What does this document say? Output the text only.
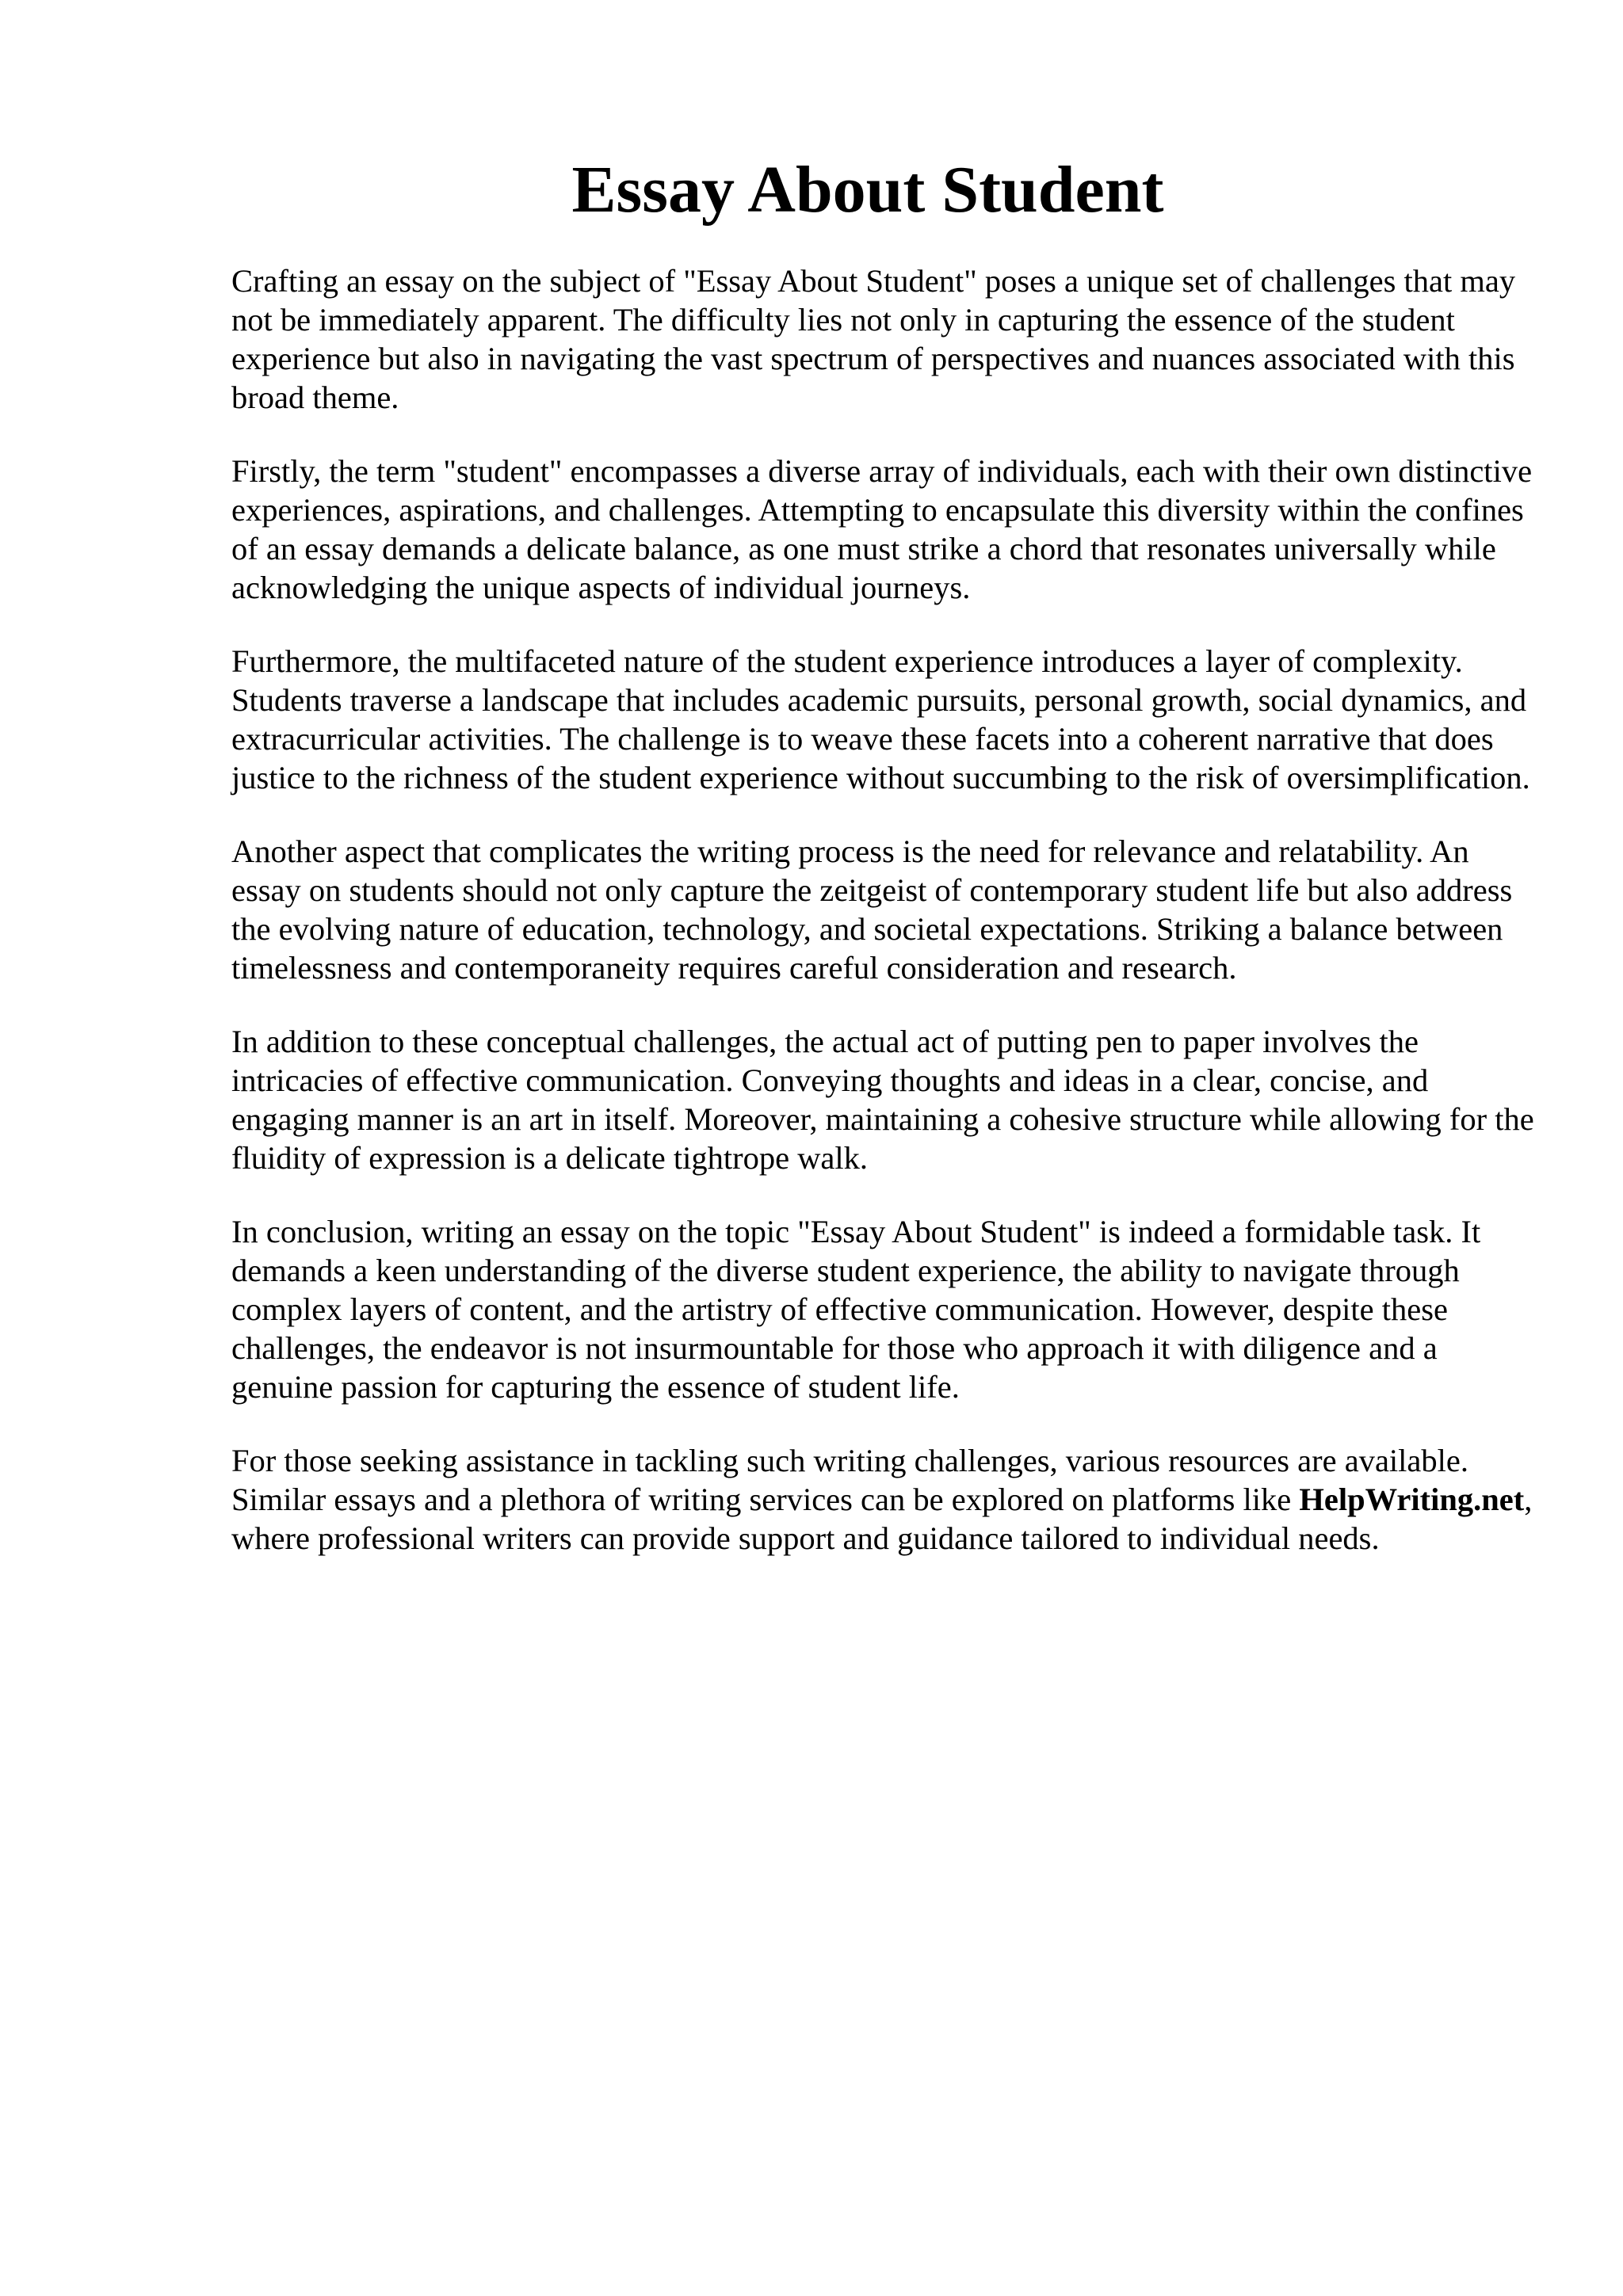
Essay About Student

Crafting an essay on the subject of "Essay About Student" poses a unique set of challenges that may not be immediately apparent. The difficulty lies not only in capturing the essence of the student experience but also in navigating the vast spectrum of perspectives and nuances associated with this broad theme.

Firstly, the term "student" encompasses a diverse array of individuals, each with their own distinctive experiences, aspirations, and challenges. Attempting to encapsulate this diversity within the confines of an essay demands a delicate balance, as one must strike a chord that resonates universally while acknowledging the unique aspects of individual journeys.

Furthermore, the multifaceted nature of the student experience introduces a layer of complexity. Students traverse a landscape that includes academic pursuits, personal growth, social dynamics, and extracurricular activities. The challenge is to weave these facets into a coherent narrative that does justice to the richness of the student experience without succumbing to the risk of oversimplification.

Another aspect that complicates the writing process is the need for relevance and relatability. An essay on students should not only capture the zeitgeist of contemporary student life but also address the evolving nature of education, technology, and societal expectations. Striking a balance between timelessness and contemporaneity requires careful consideration and research.

In addition to these conceptual challenges, the actual act of putting pen to paper involves the intricacies of effective communication. Conveying thoughts and ideas in a clear, concise, and engaging manner is an art in itself. Moreover, maintaining a cohesive structure while allowing for the fluidity of expression is a delicate tightrope walk.

In conclusion, writing an essay on the topic "Essay About Student" is indeed a formidable task. It demands a keen understanding of the diverse student experience, the ability to navigate through complex layers of content, and the artistry of effective communication. However, despite these challenges, the endeavor is not insurmountable for those who approach it with diligence and a genuine passion for capturing the essence of student life.

For those seeking assistance in tackling such writing challenges, various resources are available. Similar essays and a plethora of writing services can be explored on platforms like HelpWriting.net, where professional writers can provide support and guidance tailored to individual needs.
